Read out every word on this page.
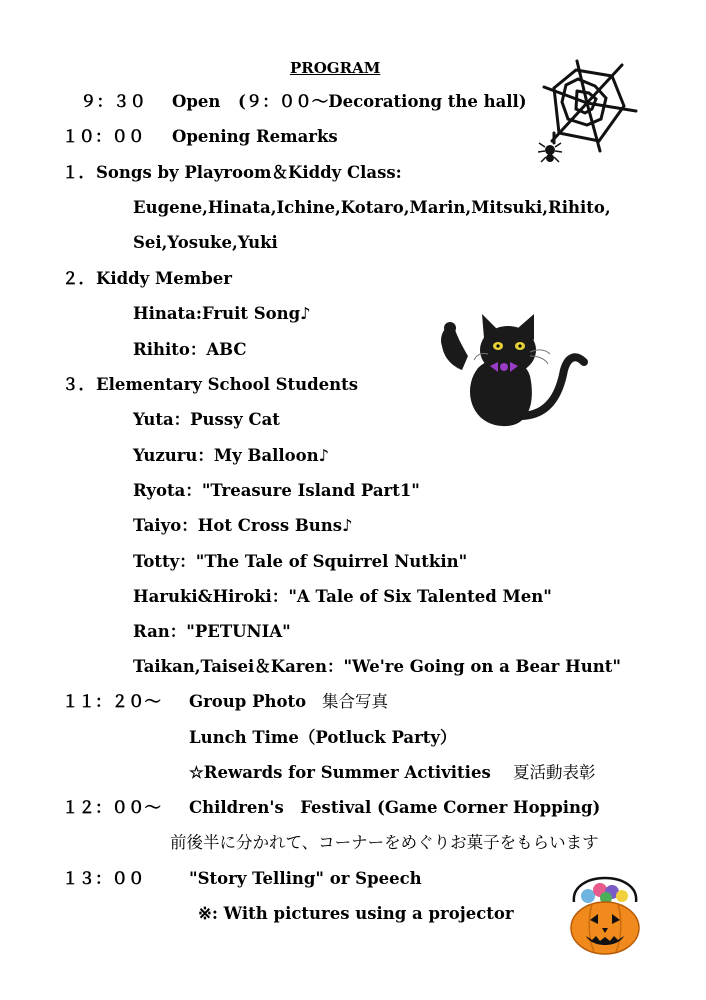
PROGRAM
９：３０ Open (９：００～Decorationg the hall)
１０：００ Opening Remarks
１． Songs by Playroom＆Kiddy Class:
Eugene,Hinata,Ichine,Kotaro,Marin,Mitsuki,Rihito,
Sei,Yosuke,Yuki
２． Kiddy Member
Hinata:Fruit Song♪
Rihito：ABC
３． Elementary School Students
Yuta：Pussy Cat
Yuzuru：My Balloon♪
Ryota："Treasure Island Part1"
Taiyo：Hot Cross Buns♪
Totty："The Tale of Squirrel Nutkin"
Haruki&Hiroki："A Tale of Six Talented Men"
Ran："PETUNIA"
Taikan,Taisei＆Karen："We're Going on a Bear Hunt"
１１：２０～ Group Photo 集合写真
Lunch Time（Potluck Party）
☆Rewards for Summer Activities 夏活動表彰
１２：００～ Children's　Festival (Game Corner Hopping)
前後半に分かれて、コーナーをめぐりお菓子をもらいます
１３：００	"Story Telling" or Speech
※: With pictures using a projector
